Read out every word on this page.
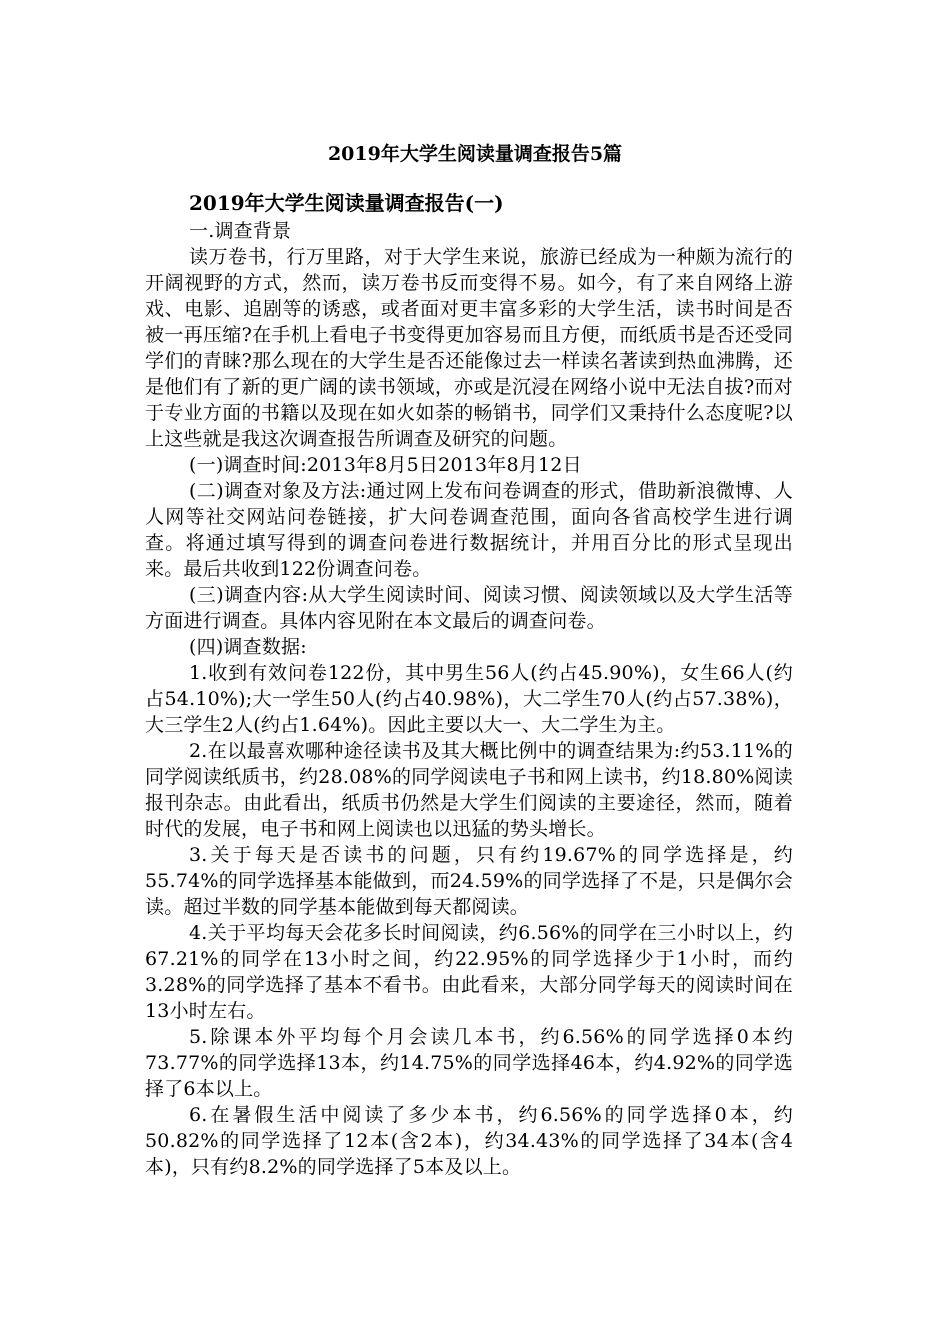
2019年大学生阅读量调查报告5篇

2019年大学生阅读量调查报告(一)

一.调查背景

读万卷书，行万里路，对于大学生来说，旅游已经成为一种颇为流行的开阔视野的方式，然而，读万卷书反而变得不易。如今，有了来自网络上游戏、电影、追剧等的诱惑，或者面对更丰富多彩的大学生活，读书时间是否被一再压缩?在手机上看电子书变得更加容易而且方便，而纸质书是否还受同学们的青睐?那么现在的大学生是否还能像过去一样读名著读到热血沸腾，还是他们有了新的更广阔的读书领域，亦或是沉浸在网络小说中无法自拔?而对于专业方面的书籍以及现在如火如荼的畅销书，同学们又秉持什么态度呢?以上这些就是我这次调查报告所调查及研究的问题。

(一)调查时间:2013年8月5日2013年8月12日

(二)调查对象及方法:通过网上发布问卷调查的形式，借助新浪微博、人人网等社交网站问卷链接，扩大问卷调查范围，面向各省高校学生进行调查。将通过填写得到的调查问卷进行数据统计，并用百分比的形式呈现出来。最后共收到122份调查问卷。

(三)调查内容:从大学生阅读时间、阅读习惯、阅读领域以及大学生活等方面进行调查。具体内容见附在本文最后的调查问卷。

(四)调查数据:

1.收到有效问卷122份，其中男生56人(约占45.90%)，女生66人(约占54.10%);大一学生50人(约占40.98%)，大二学生70人(约占57.38%)，大三学生2人(约占1.64%)。因此主要以大一、大二学生为主。

2.在以最喜欢哪种途径读书及其大概比例中的调查结果为:约53.11%的同学阅读纸质书，约28.08%的同学阅读电子书和网上读书，约18.80%阅读报刊杂志。由此看出，纸质书仍然是大学生们阅读的主要途径，然而，随着时代的发展，电子书和网上阅读也以迅猛的势头增长。

3.关于每天是否读书的问题，只有约19.67%的同学选择是，约55.74%的同学选择基本能做到，而24.59%的同学选择了不是，只是偶尔会读。超过半数的同学基本能做到每天都阅读。

4.关于平均每天会花多长时间阅读，约6.56%的同学在三小时以上，约67.21%的同学在13小时之间，约22.95%的同学选择少于1小时，而约3.28%的同学选择了基本不看书。由此看来，大部分同学每天的阅读时间在13小时左右。

5.除课本外平均每个月会读几本书，约6.56%的同学选择0本约73.77%的同学选择13本，约14.75%的同学选择46本，约4.92%的同学选择了6本以上。

6.在暑假生活中阅读了多少本书，约6.56%的同学选择0本，约50.82%的同学选择了12本(含2本)，约34.43%的同学选择了34本(含4本)，只有约8.2%的同学选择了5本及以上。
